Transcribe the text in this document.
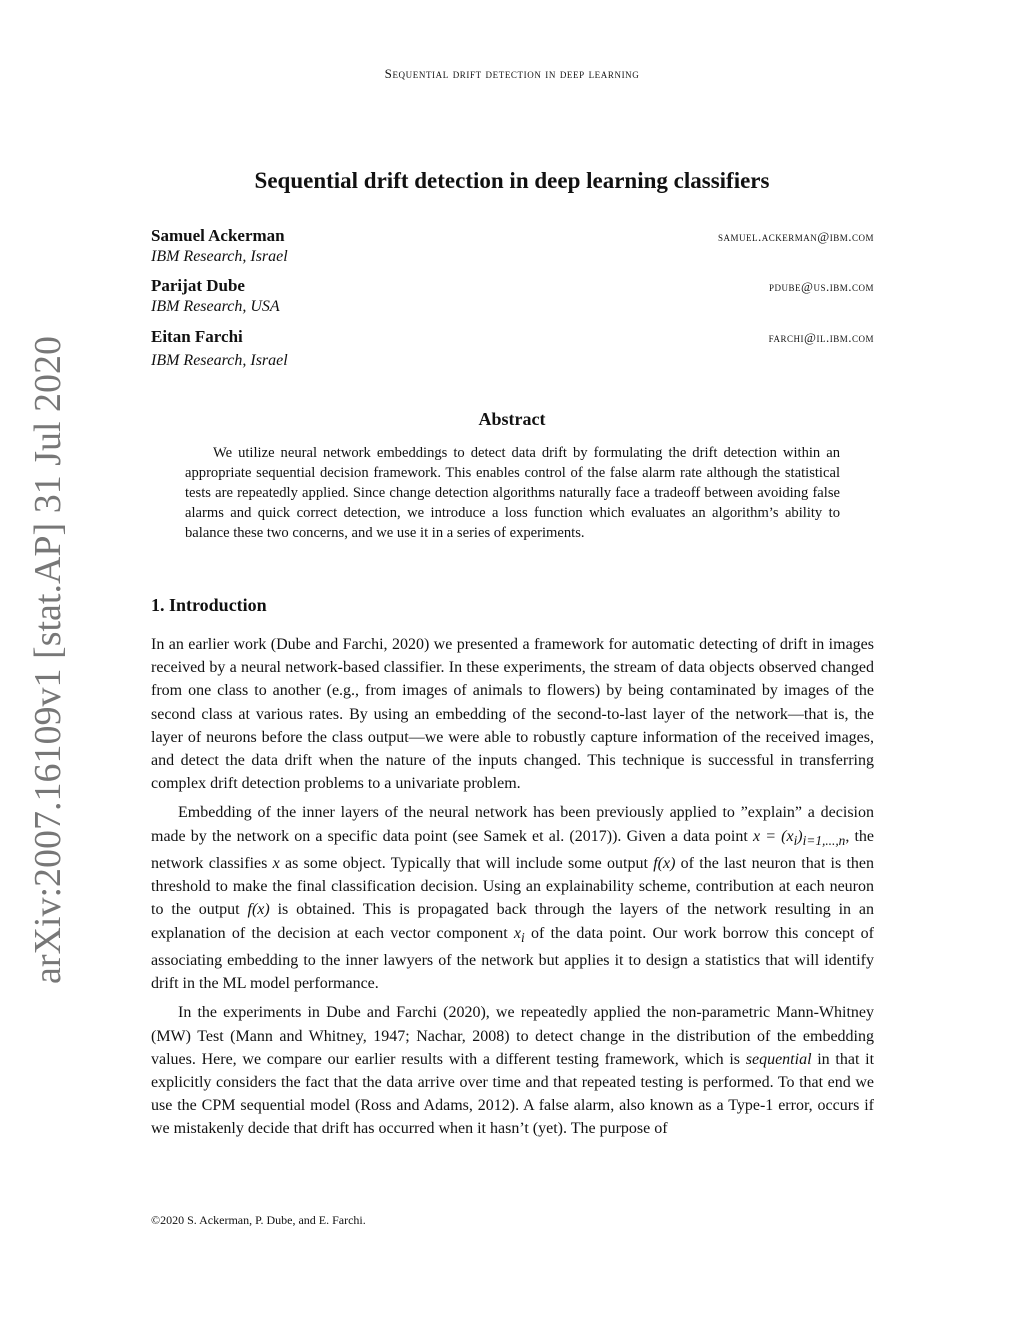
Sequential drift detection in deep learning
arXiv:2007.16109v1 [stat.AP] 31 Jul 2020
Sequential drift detection in deep learning classifiers
Samuel Ackerman	samuel.ackerman@ibm.com
IBM Research, Israel
Parijat Dube	pdube@us.ibm.com
IBM Research, USA
Eitan Farchi	farchi@il.ibm.com
IBM Research, Israel
Abstract
We utilize neural network embeddings to detect data drift by formulating the drift detection within an appropriate sequential decision framework. This enables control of the false alarm rate although the statistical tests are repeatedly applied. Since change detection algorithms naturally face a tradeoff between avoiding false alarms and quick correct detection, we introduce a loss function which evaluates an algorithm’s ability to balance these two concerns, and we use it in a series of experiments.
1. Introduction

In an earlier work (Dube and Farchi, 2020) we presented a framework for automatic detecting of drift in images received by a neural network-based classifier. In these experiments, the stream of data objects observed changed from one class to another (e.g., from images of animals to flowers) by being contaminated by images of the second class at various rates. By using an embedding of the second-to-last layer of the network—that is, the layer of neurons before the class output—we were able to robustly capture information of the received images, and detect the data drift when the nature of the inputs changed. This technique is successful in transferring complex drift detection problems to a univariate problem.

Embedding of the inner layers of the neural network has been previously applied to ”explain” a decision made by the network on a specific data point (see Samek et al. (2017)). Given a data point $x = (x_i)_{i=1,...,n}$, the network classifies x as some object. Typically that will include some output f(x) of the last neuron that is then threshold to make the final classification decision. Using an explainability scheme, contribution at each neuron to the output f(x) is obtained. This is propagated back through the layers of the network resulting in an explanation of the decision at each vector component $x_i$ of the data point. Our work borrow this concept of associating embedding to the inner lawyers of the network but applies it to design a statistics that will identify drift in the ML model performance.

In the experiments in Dube and Farchi (2020), we repeatedly applied the non-parametric Mann-Whitney (MW) Test (Mann and Whitney, 1947; Nachar, 2008) to detect change in the distribution of the embedding values. Here, we compare our earlier results with a different testing framework, which is sequential in that it explicitly considers the fact that the data arrive over time and that repeated testing is performed. To that end we use the CPM sequential model (Ross and Adams, 2012). A false alarm, also known as a Type-1 error, occurs if we mistakenly decide that drift has occurred when it hasn’t (yet). The purpose of

©2020 S. Ackerman, P. Dube, and E. Farchi.
